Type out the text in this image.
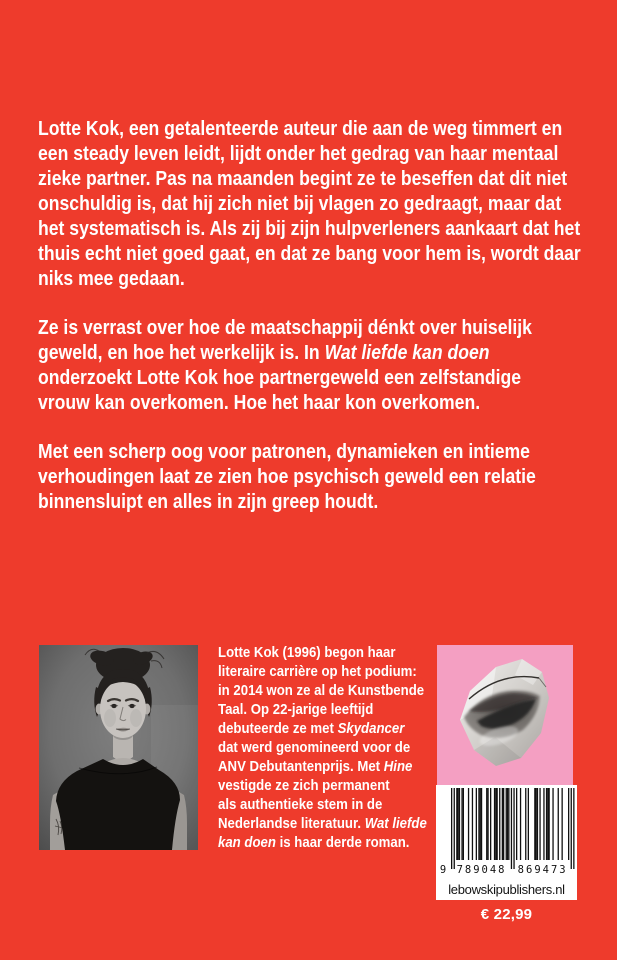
Lotte Kok, een getalenteerde auteur die aan de weg timmert en
een steady leven leidt, lijdt onder het gedrag van haar mentaal
zieke partner. Pas na maanden begint ze te beseffen dat dit niet
onschuldig is, dat hij zich niet bij vlagen zo gedraagt, maar dat
het systematisch is. Als zij bij zijn hulpverleners aankaart dat het
thuis echt niet goed gaat, en dat ze bang voor hem is, wordt daar
niks mee gedaan.

Ze is verrast over hoe de maatschappij dénkt over huiselijk
geweld, en hoe het werkelijk is. In Wat liefde kan doen
onderzoekt Lotte Kok hoe partnergeweld een zelfstandige
vrouw kan overkomen. Hoe het haar kon overkomen.

Met een scherp oog voor patronen, dynamieken en intieme
verhoudingen laat ze zien hoe psychisch geweld een relatie
binnensluipt en alles in zijn greep houdt.

Lotte Kok (1996) begon haar
literaire carrière op het podium:
in 2014 won ze al de Kunstbende
Taal. Op 22-jarige leeftijd
debuteerde ze met Skydancer
dat werd genomineerd voor de
ANV Debutantenprijs. Met Hine
vestigde ze zich permanent
als authentieke stem in de
Nederlandse literatuur. Wat liefde
kan doen is haar derde roman.
9 789048 869473
lebowskipublishers.nl
€ 22,99
